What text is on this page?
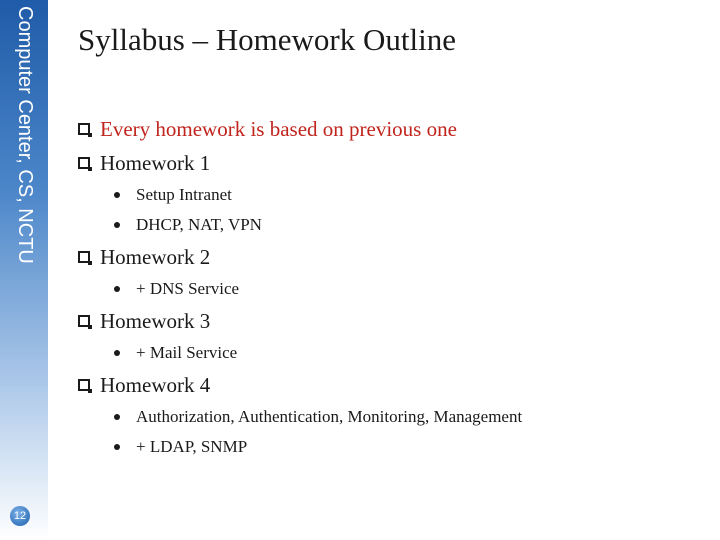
Computer Center, CS, NCTU
12
Syllabus – Homework Outline
Every homework is based on previous one
Homework 1
Setup Intranet
DHCP, NAT, VPN
Homework 2
+ DNS Service
Homework 3
+ Mail Service
Homework 4
Authorization, Authentication, Monitoring, Management
+ LDAP, SNMP
